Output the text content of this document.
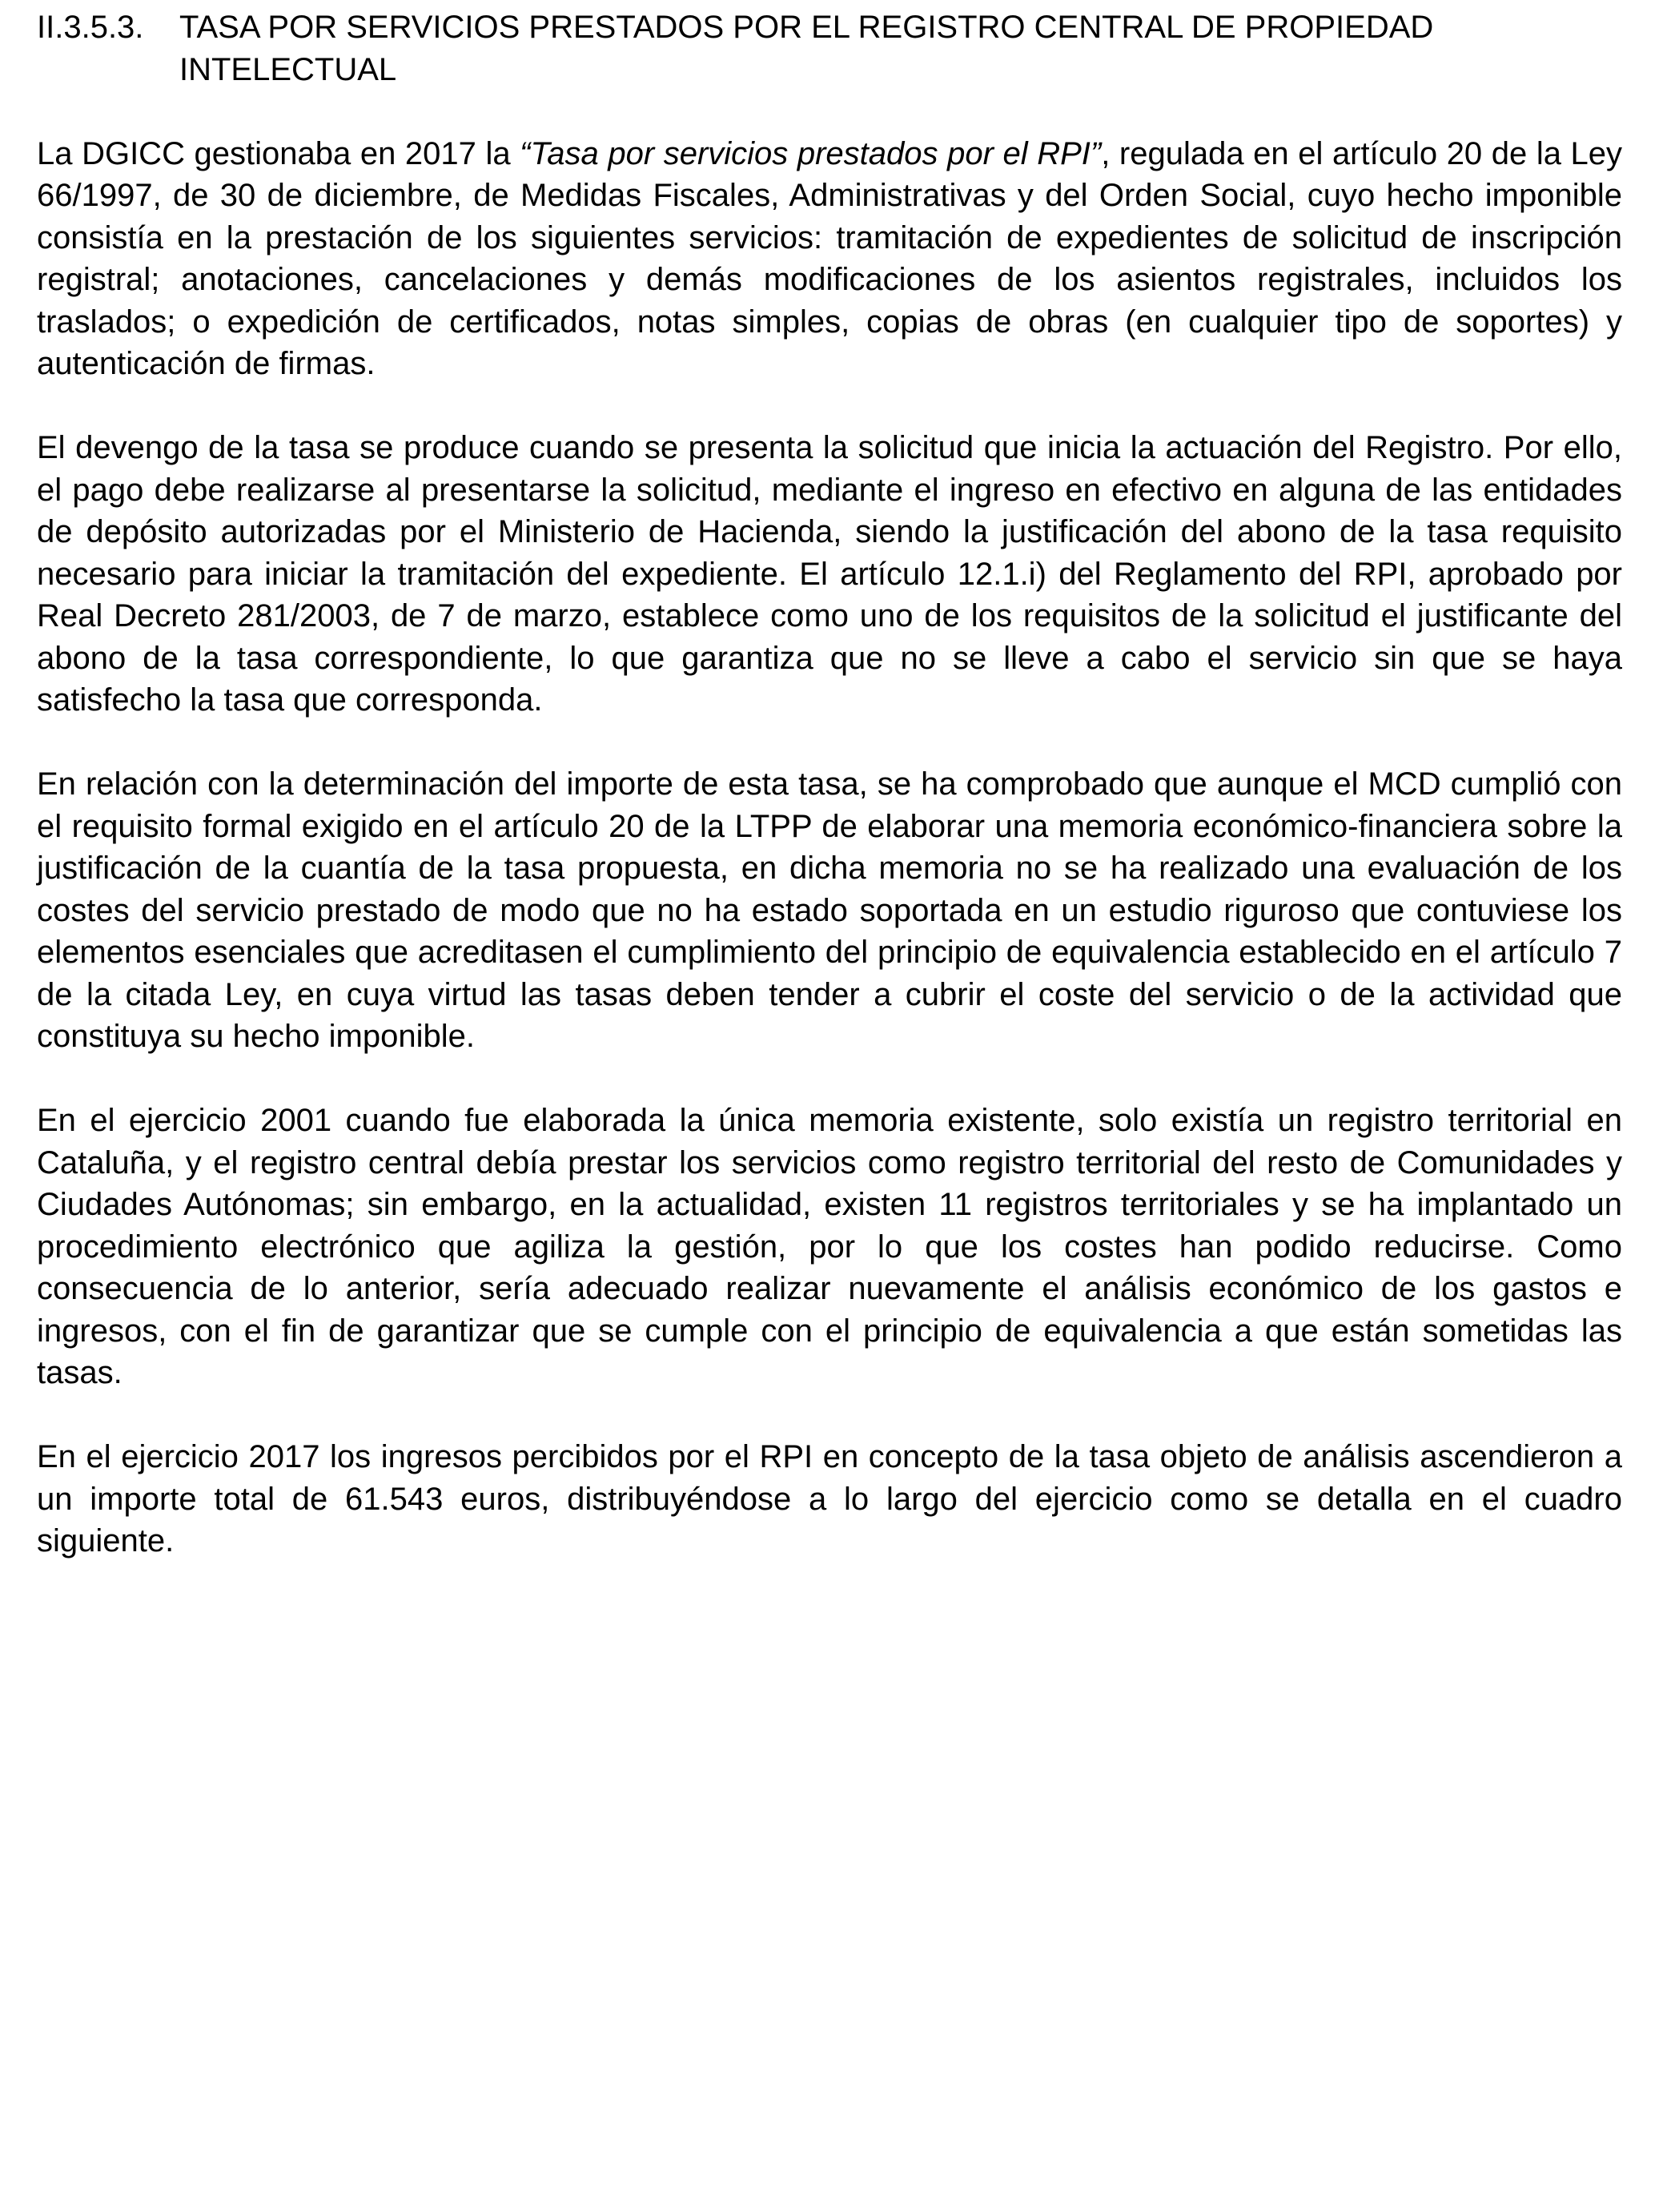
II.3.5.3. TASA POR SERVICIOS PRESTADOS POR EL REGISTRO CENTRAL DE PROPIEDAD INTELECTUAL

La DGICC gestionaba en 2017 la “Tasa por servicios prestados por el RPI”, regulada en el artículo 20 de la Ley 66/1997, de 30 de diciembre, de Medidas Fiscales, Administrativas y del Orden Social, cuyo hecho imponible consistía en la prestación de los siguientes servicios: tramitación de expedientes de solicitud de inscripción registral; anotaciones, cancelaciones y demás modificaciones de los asientos registrales, incluidos los traslados; o expedición de certificados, notas simples, copias de obras (en cualquier tipo de soportes) y autenticación de firmas.

El devengo de la tasa se produce cuando se presenta la solicitud que inicia la actuación del Registro. Por ello, el pago debe realizarse al presentarse la solicitud, mediante el ingreso en efectivo en alguna de las entidades de depósito autorizadas por el Ministerio de Hacienda, siendo la justificación del abono de la tasa requisito necesario para iniciar la tramitación del expediente. El artículo 12.1.i) del Reglamento del RPI, aprobado por Real Decreto 281/2003, de 7 de marzo, establece como uno de los requisitos de la solicitud el justificante del abono de la tasa correspondiente, lo que garantiza que no se lleve a cabo el servicio sin que se haya satisfecho la tasa que corresponda.

En relación con la determinación del importe de esta tasa, se ha comprobado que aunque el MCD cumplió con el requisito formal exigido en el artículo 20 de la LTPP de elaborar una memoria económico-financiera sobre la justificación de la cuantía de la tasa propuesta, en dicha memoria no se ha realizado una evaluación de los costes del servicio prestado de modo que no ha estado soportada en un estudio riguroso que contuviese los elementos esenciales que acreditasen el cumplimiento del principio de equivalencia establecido en el artículo 7 de la citada Ley, en cuya virtud las tasas deben tender a cubrir el coste del servicio o de la actividad que constituya su hecho imponible.

En el ejercicio 2001 cuando fue elaborada la única memoria existente, solo existía un registro territorial en Cataluña, y el registro central debía prestar los servicios como registro territorial del resto de Comunidades y Ciudades Autónomas; sin embargo, en la actualidad, existen 11 registros territoriales y se ha implantado un procedimiento electrónico que agiliza la gestión, por lo que los costes han podido reducirse. Como consecuencia de lo anterior, sería adecuado realizar nuevamente el análisis económico de los gastos e ingresos, con el fin de garantizar que se cumple con el principio de equivalencia a que están sometidas las tasas.

En el ejercicio 2017 los ingresos percibidos por el RPI en concepto de la tasa objeto de análisis ascendieron a un importe total de 61.543 euros, distribuyéndose a lo largo del ejercicio como se detalla en el cuadro siguiente.
